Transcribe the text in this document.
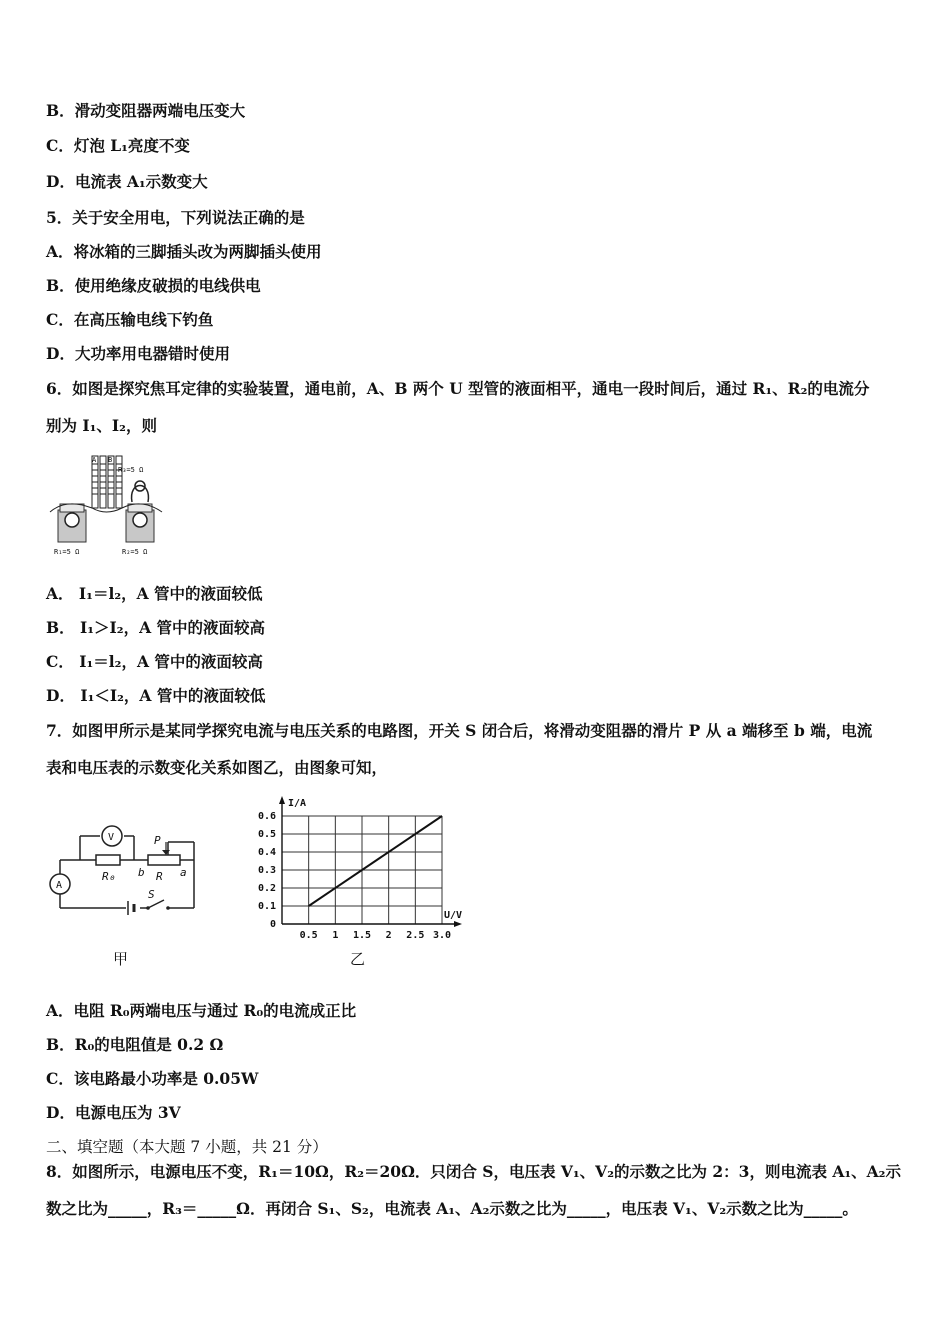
B．滑动变阻器两端电压变大
C．灯泡 L₁亮度不变
D．电流表 A₁示数变大
5．关于安全用电，下列说法正确的是
A．将冰箱的三脚插头改为两脚插头使用
B．使用绝缘皮破损的电线供电
C．在高压输电线下钓鱼
D．大功率用电器错时使用
6．如图是探究焦耳定律的实验装置，通电前，A、B 两个 U 型管的液面相平，通电一段时间后，通过 R₁、R₂的电流分
别为 I₁、I₂，则
A B
R₃=5 Ω
R₁=5 Ω	R₂=5 Ω
A． I₁＝l₂，A 管中的液面较低
B． I₁＞I₂，A 管中的液面较高
C． I₁＝l₂，A 管中的液面较高
D． I₁＜I₂，A 管中的液面较低
7．如图甲所示是某同学探究电流与电压关系的电路图，开关 S 闭合后，将滑动变阻器的滑片 P 从 a 端移至 b 端，电流
表和电压表的示数变化关系如图乙，由图象可知，
V
A
P
R₀	R
b	a
S
甲
0.5 1 1.5 2 2.5 3.0
0
0.1
0.2
0.3
0.4
0.5
0.6
I/A
U/V
乙
A．电阻 R₀两端电压与通过 R₀的电流成正比
B．R₀的电阻值是 0.2 Ω
C．该电路最小功率是 0.05W
D．电源电压为 3V
二、填空题（本大题 7 小题，共 21 分）
8．如图所示，电源电压不变，R₁＝10Ω，R₂＝20Ω．只闭合 S，电压表 V₁、V₂的示数之比为 2：3，则电流表 A₁、A₂示
数之比为_____，R₃＝_____Ω．再闭合 S₁、S₂，电流表 A₁、A₂示数之比为_____，电压表 V₁、V₂示数之比为_____。
